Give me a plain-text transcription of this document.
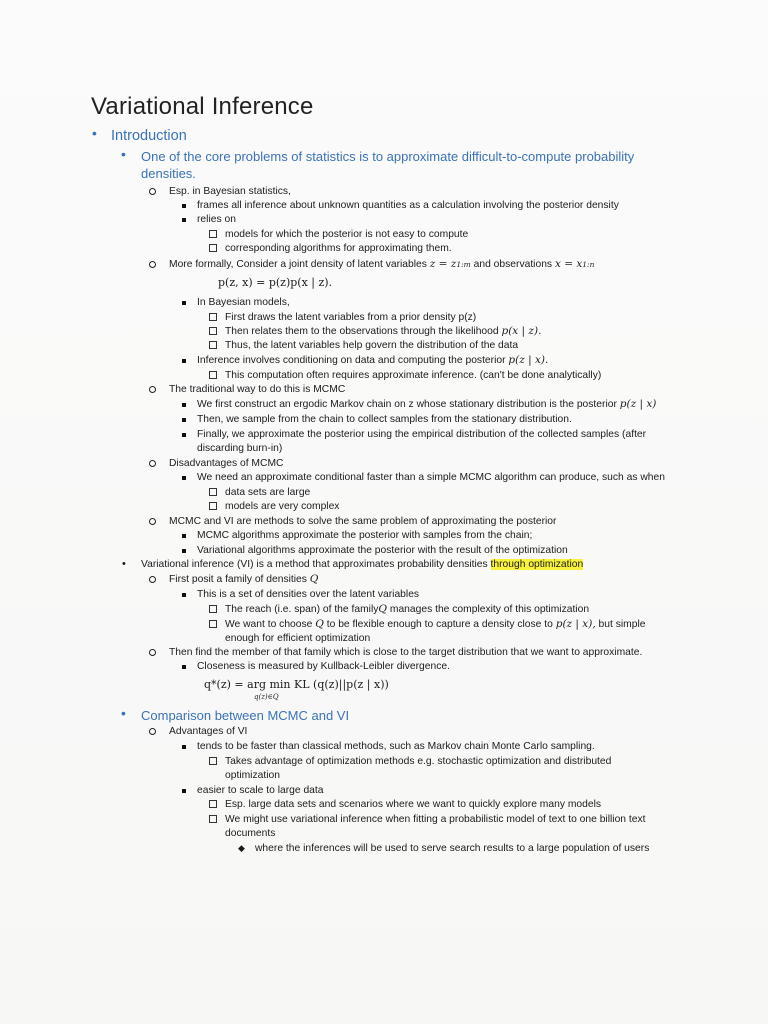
Variational Inference
• Introduction
• One of the core problems of statistics is to approximate difficult-to-compute probability
densities.
Esp. in Bayesian statistics,
frames all inference about unknown quantities as a calculation involving the posterior density
relies on
models for which the posterior is not easy to compute
corresponding algorithms for approximating them.
More formally, Consider a joint density of latent variables z = z1:m and observations x = x1:n
p(z, x) = p(z)p(x | z).
In Bayesian models,
First draws the latent variables from a prior density p(z)
Then relates them to the observations through the likelihood p(x | z).
Thus, the latent variables help govern the distribution of the data
Inference involves conditioning on data and computing the posterior p(z | x).
This computation often requires approximate inference. (can't be done analytically)
The traditional way to do this is MCMC
We first construct an ergodic Markov chain on z whose stationary distribution is the posterior p(z | x)
Then, we sample from the chain to collect samples from the stationary distribution.
Finally, we approximate the posterior using the empirical distribution of the collected samples (after
discarding burn-in)
Disadvantages of MCMC
We need an approximate conditional faster than a simple MCMC algorithm can produce, such as when
data sets are large
models are very complex
MCMC and VI are methods to solve the same problem of approximating the posterior
MCMC algorithms approximate the posterior with samples from the chain;
Variational algorithms approximate the posterior with the result of the optimization
• Variational inference (VI) is a method that approximates probability densities through optimization
First posit a family of densities Q
This is a set of densities over the latent variables
The reach (i.e. span) of the familyQ manages the complexity of this optimization
We want to choose Q to be flexible enough to capture a density close to p(z | x), but simple
enough for efficient optimization
Then find the member of that family which is close to the target distribution that we want to approximate.
Closeness is measured by Kullback-Leibler divergence.
q*(z) = arg min KL (q(z)||p(z | x))
q(z)∈Q
• Comparison between MCMC and VI
Advantages of VI
tends to be faster than classical methods, such as Markov chain Monte Carlo sampling.
Takes advantage of optimization methods e.g. stochastic optimization and distributed
optimization
easier to scale to large data
Esp. large data sets and scenarios where we want to quickly explore many models
We might use variational inference when fitting a probabilistic model of text to one billion text
documents
◆ where the inferences will be used to serve search results to a large population of users
